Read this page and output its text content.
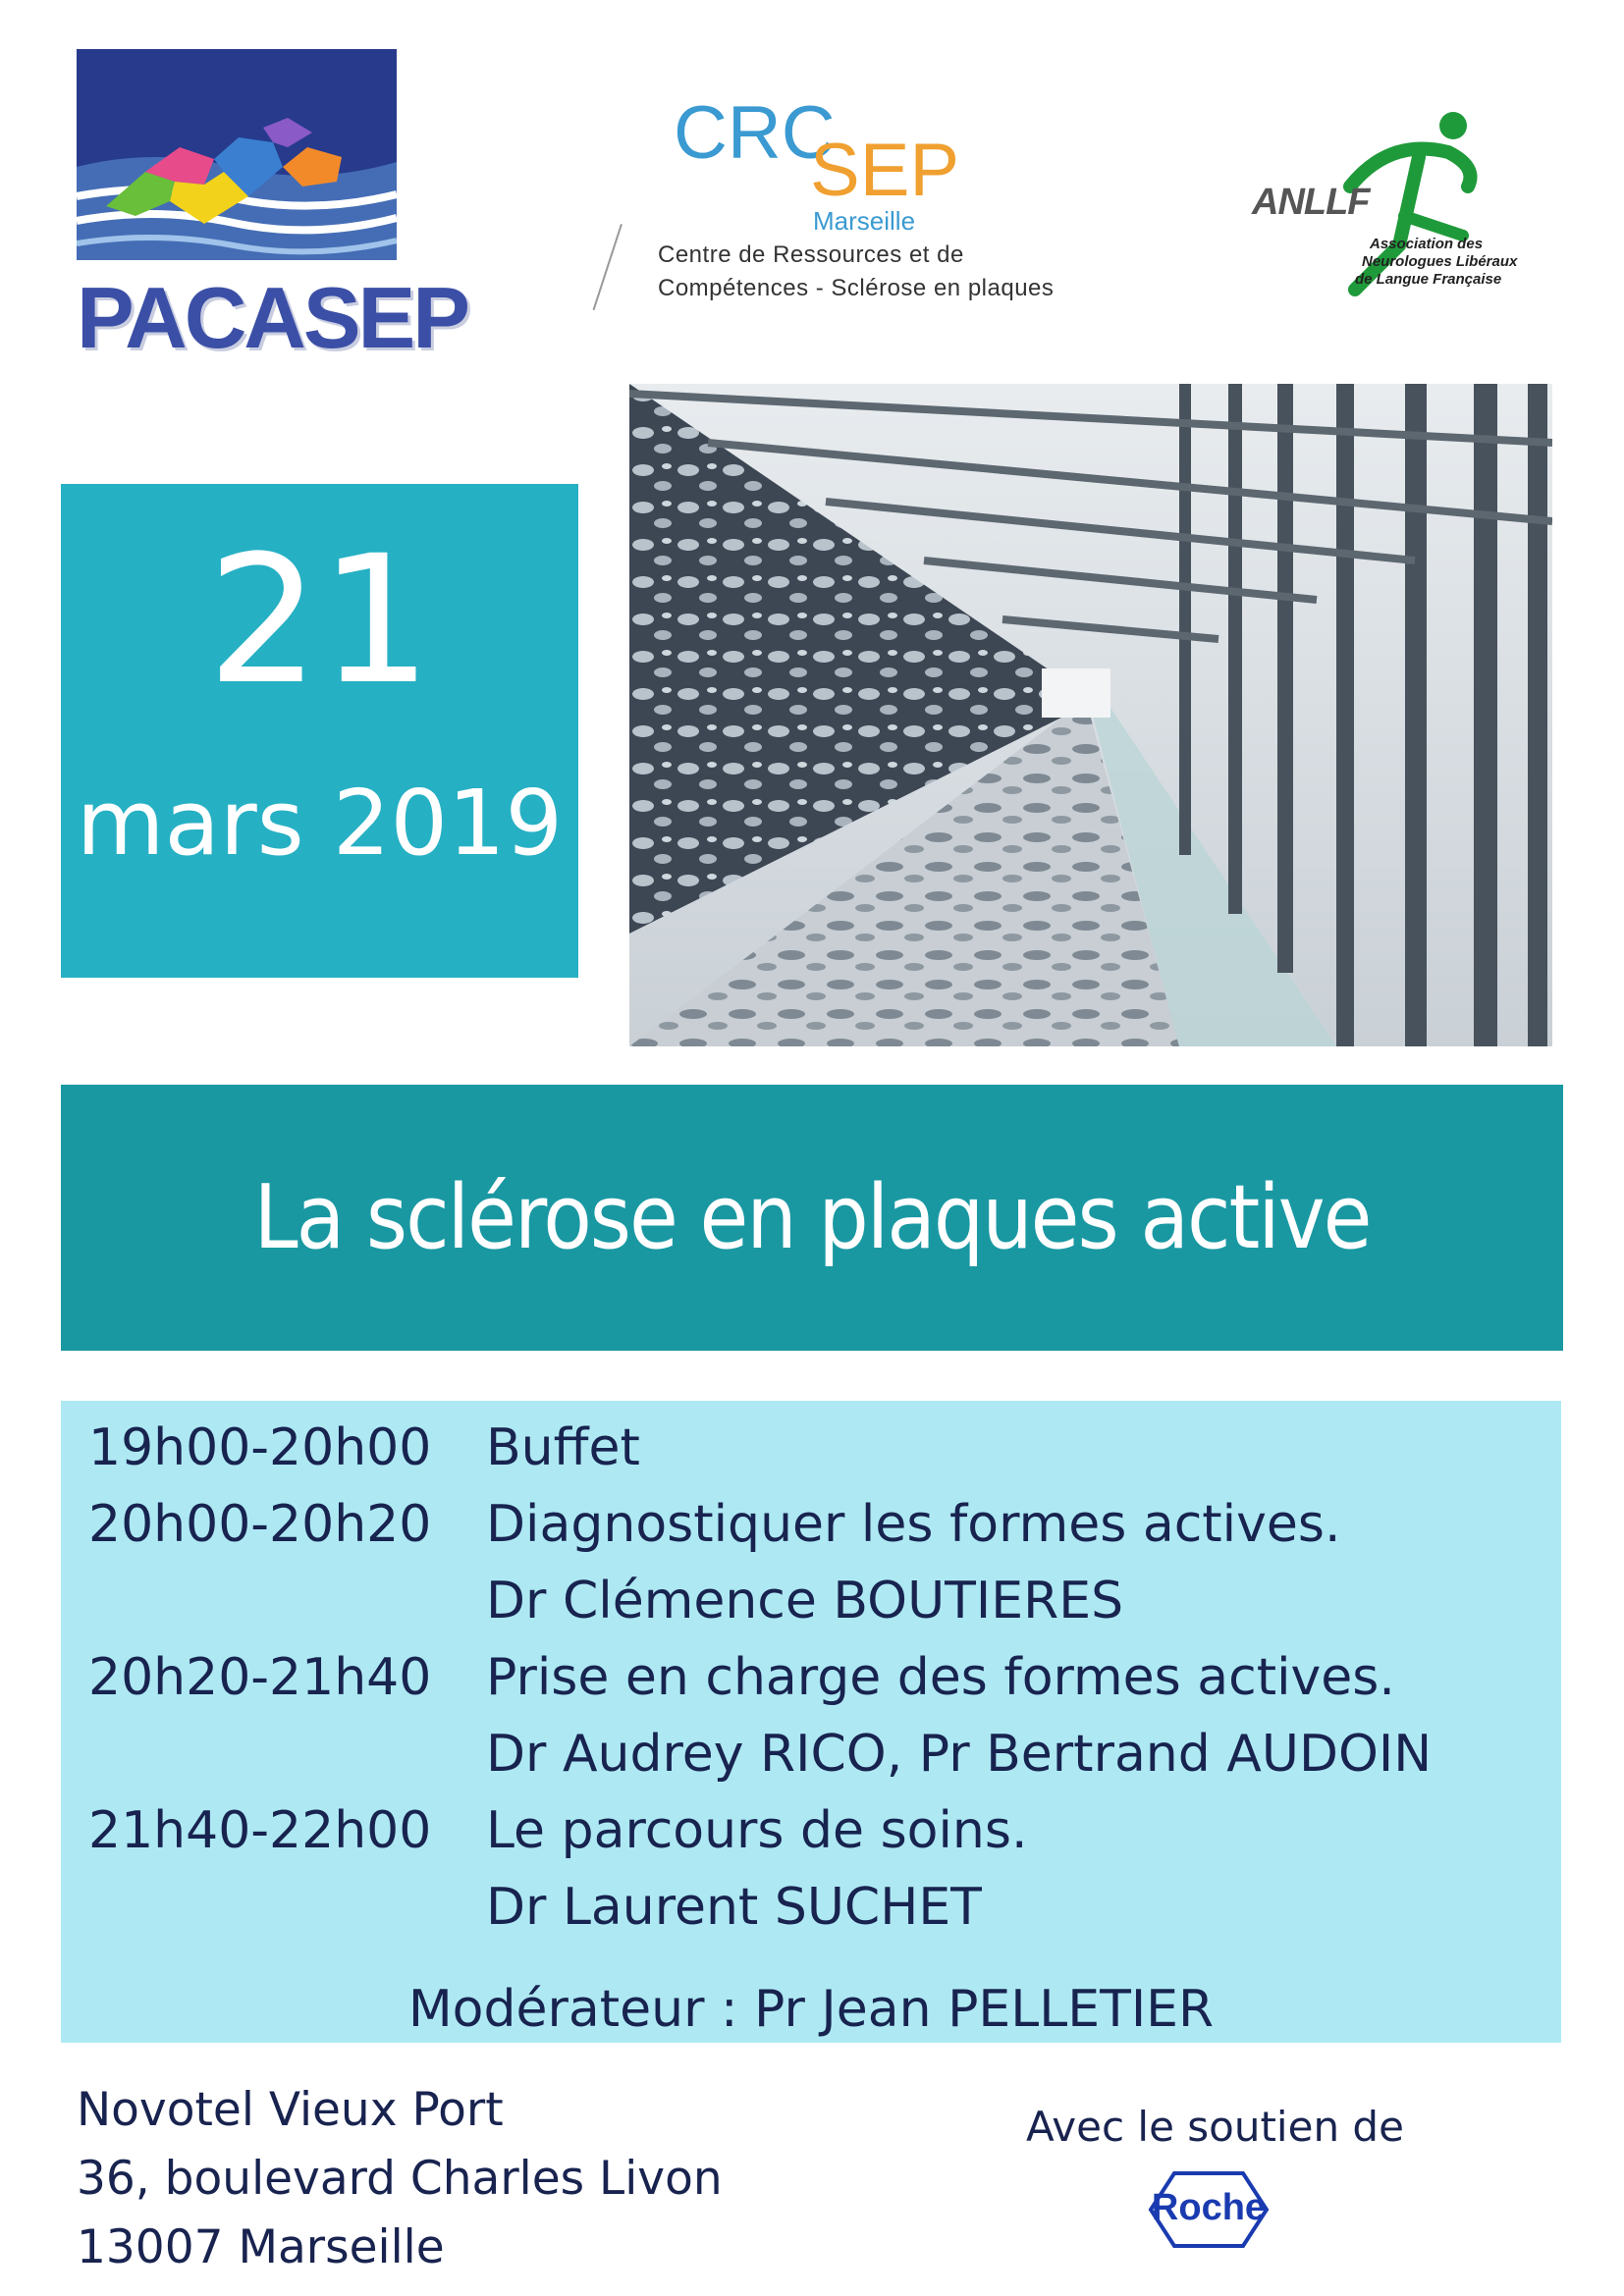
PACASEP
CRC
SEP
Marseille
Centre de Ressources et de
Compétences - Sclérose en plaques
ANLLF
Association des
Neurologues Libéraux
de Langue Française
21
mars 2019
La sclérose en plaques active
19h00-20h00 Buffet
20h00-20h20 Diagnostiquer les formes actives.
Dr Clémence BOUTIERES
20h20-21h40 Prise en charge des formes actives.
Dr Audrey RICO, Pr Bertrand AUDOIN
21h40-22h00 Le parcours de soins.
Dr Laurent SUCHET
Modérateur : Pr Jean PELLETIER
Novotel Vieux Port
36, boulevard Charles Livon
13007 Marseille
Avec le soutien de
Roche
